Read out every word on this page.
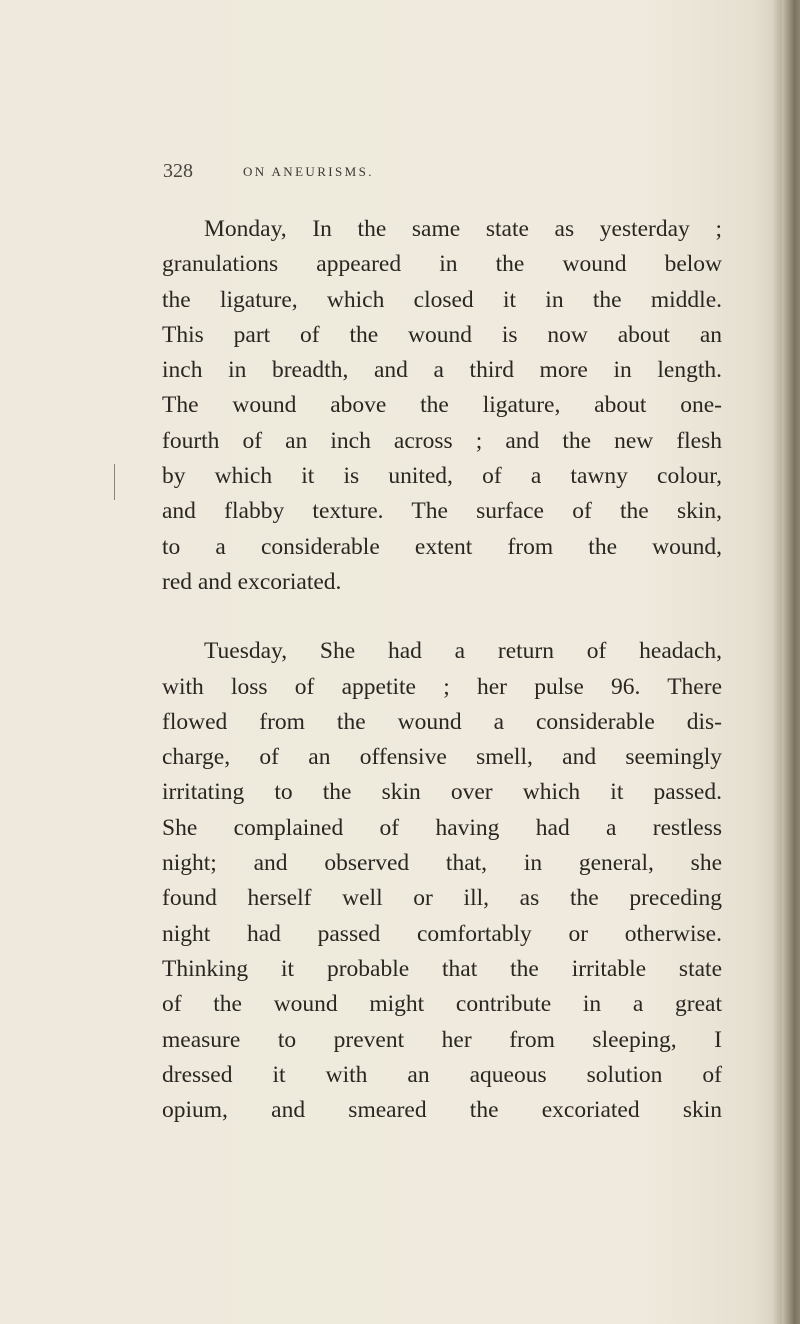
328	ON ANEURISMS.
Monday, In the same state as yesterday ;
granulations appeared in the wound below
the ligature, which closed it in the middle.
This part of the wound is now about an
inch in breadth, and a third more in length.
The wound above the ligature, about one-
fourth of an inch across ; and the new flesh
by which it is united, of a tawny colour,
and flabby texture. The surface of the skin,
to a considerable extent from the wound,
red and excoriated.
Tuesday, She had a return of headach,
with loss of appetite ; her pulse 96. There
flowed from the wound a considerable dis-
charge, of an offensive smell, and seemingly
irritating to the skin over which it passed.
She complained of having had a restless
night; and observed that, in general, she
found herself well or ill, as the preceding
night had passed comfortably or otherwise.
Thinking it probable that the irritable state
of the wound might contribute in a great
measure to prevent her from sleeping, I
dressed it with an aqueous solution of
opium, and smeared the excoriated skin
